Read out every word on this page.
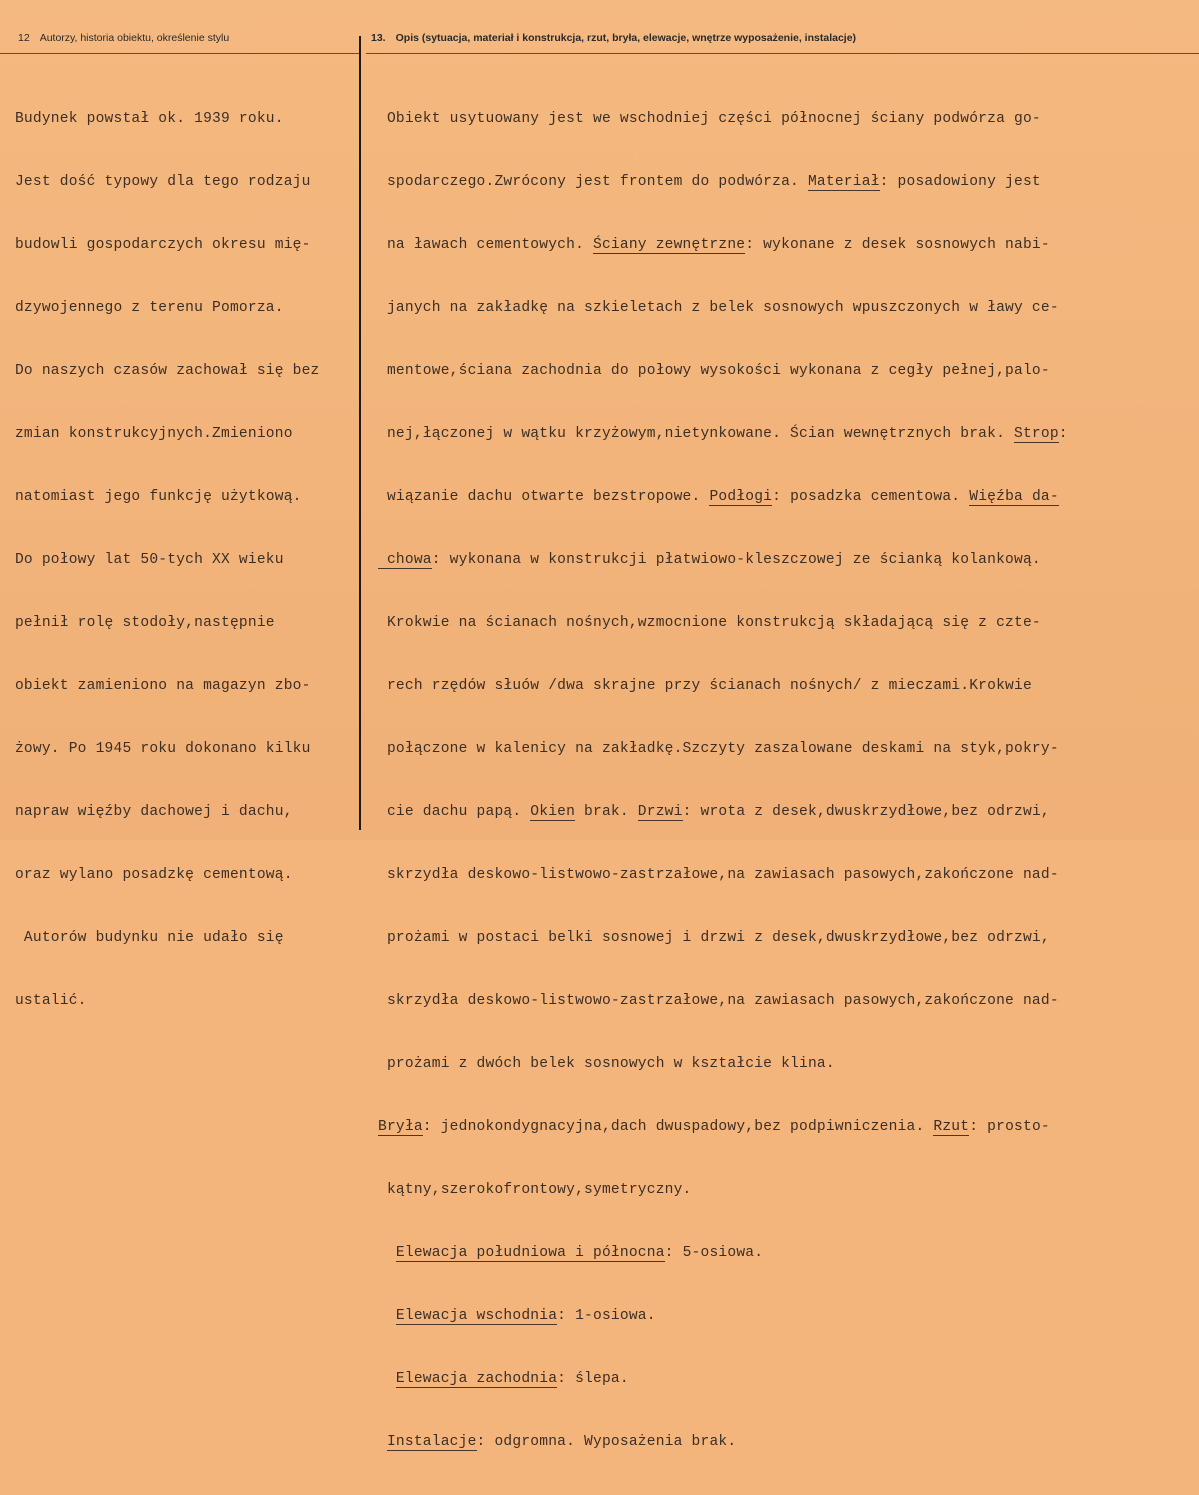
12 Autorzy, historia obiektu, określenie stylu	13. Opis (sytuacja, materiał i konstrukcja, rzut, bryła, elewacje, wnętrze wyposażenie, instalacje)

Budynek powstał ok. 1939 roku.

Jest dość typowy dla tego rodzaju

budowli gospodarczych okresu mię-

dzywojennego z terenu Pomorza.

Do naszych czasów zachował się bez

zmian konstrukcyjnych.Zmieniono

natomiast jego funkcję użytkową.

Do połowy lat 50-tych XX wieku

pełnił rolę stodoły,następnie

obiekt zamieniono na magazyn zbo-

żowy. Po 1945 roku dokonano kilku

napraw więźby dachowej i dachu,

oraz wylano posadzkę cementową.

Autorów budynku nie udało się

ustalić.

Obiekt usytuowany jest we wschodniej części północnej ściany podwórza go-

spodarczego.Zwrócony jest frontem do podwórza. Materiał: posadowiony jest

na ławach cementowych. Ściany zewnętrzne: wykonane z desek sosnowych nabi-

janych na zakładkę na szkieletach z belek sosnowych wpuszczonych w ławy ce-

mentowe,ściana zachodnia do połowy wysokości wykonana z cegły pełnej,palo-

nej,łączonej w wątku krzyżowym,nietynkowane. Ścian wewnętrznych brak. Strop:

wiązanie dachu otwarte bezstropowe. Podłogi: posadzka cementowa. Więźba da-

chowa: wykonana w konstrukcji płatwiowo-kleszczowej ze ścianką kolankową.

Krokwie na ścianach nośnych,wzmocnione konstrukcją składającą się z czte-

rech rzędów słuów /dwa skrajne przy ścianach nośnych/ z mieczami.Krokwie

połączone w kalenicy na zakładkę.Szczyty zaszalowane deskami na styk,pokry-

cie dachu papą. Okien brak. Drzwi: wrota z desek,dwuskrzydłowe,bez odrzwi,

skrzydła deskowo-listwowo-zastrzałowe,na zawiasach pasowych,zakończone nad-

prożami w postaci belki sosnowej i drzwi z desek,dwuskrzydłowe,bez odrzwi,

skrzydła deskowo-listwowo-zastrzałowe,na zawiasach pasowych,zakończone nad-

prożami z dwóch belek sosnowych w kształcie klina.

Bryła: jednokondygnacyjna,dach dwuspadowy,bez podpiwniczenia. Rzut: prosto-

kątny,szerokofrontowy,symetryczny.

Elewacja południowa i północna: 5-osiowa.

Elewacja wschodnia: 1-osiowa.

Elewacja zachodnia: ślepa.

Instalacje: odgromna. Wyposażenia brak.
